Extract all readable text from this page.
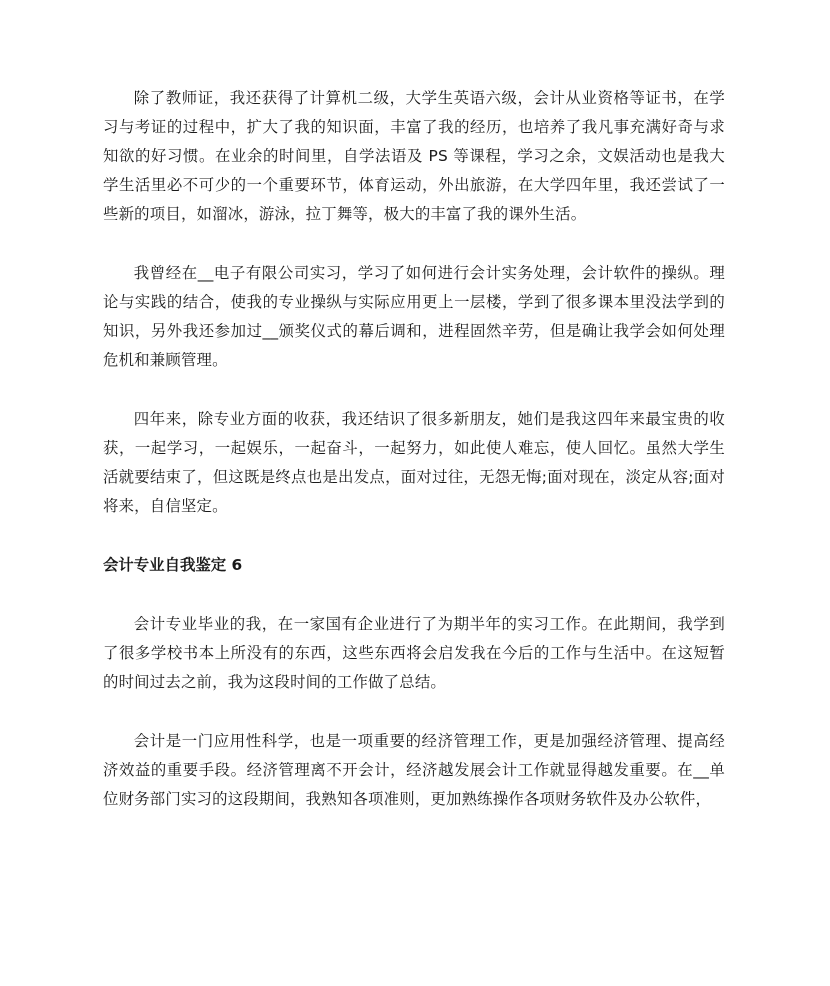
​

除了教师证，我还获得了计算机二级，大学生英语六级，会计从业资格等证书，在学习与考证的过程中，扩大了我的知识面，丰富了我的经历，也培养了我凡事充满好奇与求知欲的好习惯。在业余的时间里，自学法语及 PS 等课程，学习之余，文娱活动也是我大学生活里必不可少的一个重要环节，体育运动，外出旅游，在大学四年里，我还尝试了一些新的项目，如溜冰，游泳，拉丁舞等，极大的丰富了我的课外生活。

我曾经在__电子有限公司实习，学习了如何进行会计实务处理，会计软件的操纵。理论与实践的结合，使我的专业操纵与实际应用更上一层楼，学到了很多课本里没法学到的知识，另外我还参加过__颁奖仪式的幕后调和，进程固然辛劳，但是确让我学会如何处理危机和兼顾管理。

四年来，除专业方面的收获，我还结识了很多新朋友，她们是我这四年来最宝贵的收获，一起学习，一起娱乐，一起奋斗，一起努力，如此使人难忘，使人回忆。虽然大学生活就要结束了，但这既是终点也是出发点，面对过往，无怨无悔;面对现在，淡定从容;面对将来，自信坚定。

会计专业自我鉴定 6

会计专业毕业的我，在一家国有企业进行了为期半年的实习工作。在此期间，我学到了很多学校书本上所没有的东西，这些东西将会启发我在今后的工作与生活中。在这短暂的时间过去之前，我为这段时间的工作做了总结。

会计是一门应用性科学，也是一项重要的经济管理工作，更是加强经济管理、提高经济效益的重要手段。经济管理离不开会计，经济越发展会计工作就显得越发重要。在__单位财务部门实习的这段期间，我熟知各项准则，更加熟练操作各项财务软件及办公软件，
